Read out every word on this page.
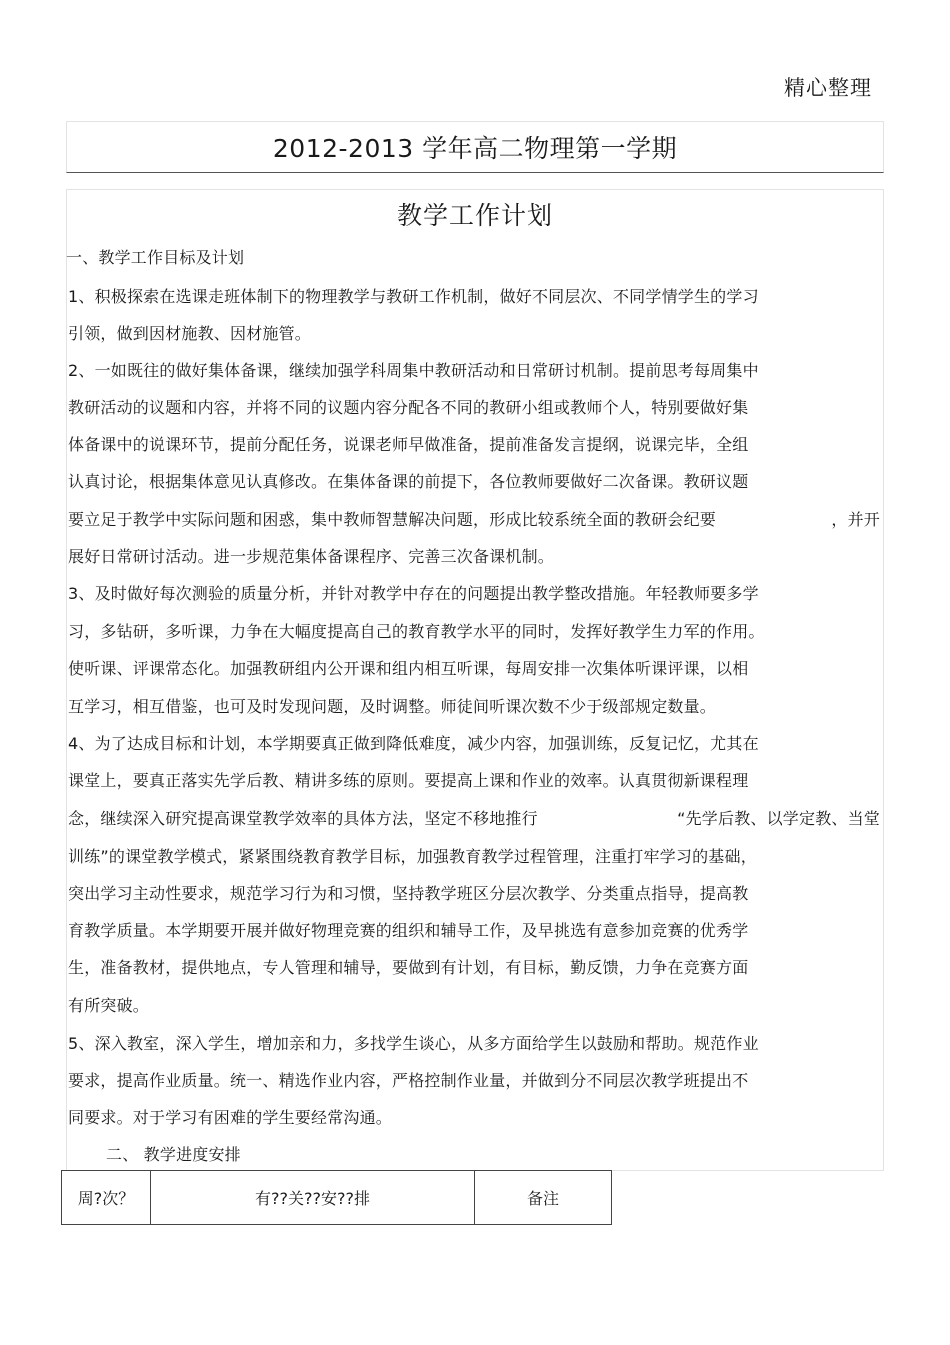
精心整理
2012-2013 学年高二物理第一学期
教学工作计划
一、教学工作目标及计划
1、积极探索在选课走班体制下的物理教学与教研工作机制，做好不同层次、不同学情学生的学习
引领，做到因材施教、因材施管。
2、一如既往的做好集体备课，继续加强学科周集中教研活动和日常研讨机制。提前思考每周集中
教研活动的议题和内容，并将不同的议题内容分配各不同的教研小组或教师个人，特别要做好集
体备课中的说课环节，提前分配任务，说课老师早做准备，提前准备发言提纲，说课完毕，全组
认真讨论，根据集体意见认真修改。在集体备课的前提下，各位教师要做好二次备课。教研议题
要立足于教学中实际问题和困惑，集中教师智慧解决问题，形成比较系统全面的教研会纪要	，并开
展好日常研讨活动。进一步规范集体备课程序、完善三次备课机制。
3、及时做好每次测验的质量分析，并针对教学中存在的问题提出教学整改措施。年轻教师要多学
习，多钻研，多听课，力争在大幅度提高自己的教育教学水平的同时，发挥好教学生力军的作用。
使听课、评课常态化。加强教研组内公开课和组内相互听课，每周安排一次集体听课评课，以相
互学习，相互借鉴，也可及时发现问题，及时调整。师徒间听课次数不少于级部规定数量。
4、为了达成目标和计划，本学期要真正做到降低难度，减少内容，加强训练，反复记忆，尤其在
课堂上，要真正落实先学后教、精讲多练的原则。要提高上课和作业的效率。认真贯彻新课程理
念，继续深入研究提高课堂教学效率的具体方法，坚定不移地推行	“先学后教、以学定教、当堂
训练”的课堂教学模式，紧紧围绕教育教学目标，加强教育教学过程管理，注重打牢学习的基础，
突出学习主动性要求，规范学习行为和习惯，坚持教学班区分层次教学、分类重点指导，提高教
育教学质量。本学期要开展并做好物理竞赛的组织和辅导工作，及早挑选有意参加竞赛的优秀学
生，准备教材，提供地点，专人管理和辅导，要做到有计划，有目标，勤反馈，力争在竞赛方面
有所突破。
5、深入教室，深入学生，增加亲和力，多找学生谈心，从多方面给学生以鼓励和帮助。规范作业
要求，提高作业质量。统一、精选作业内容，严格控制作业量，并做到分不同层次教学班提出不
同要求。对于学习有困难的学生要经常沟通。
二、 教学进度安排
周?次？	有??关??安??排	备注
